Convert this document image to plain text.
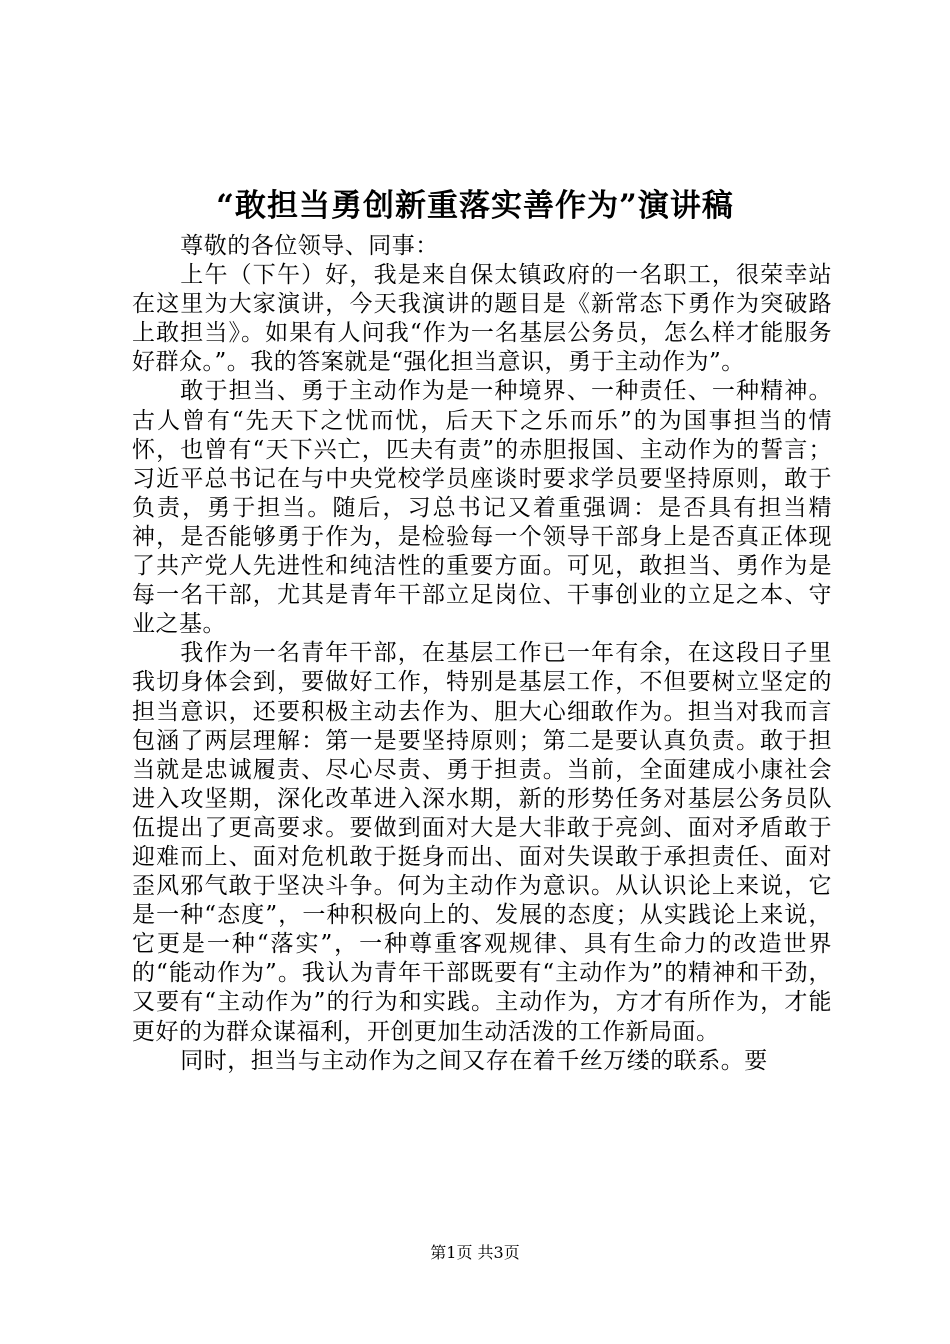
“敢担当勇创新重落实善作为”演讲稿

尊敬的各位领导、同事：

上午（下午）好，我是来自保太镇政府的一名职工，很荣幸站在这里为大家演讲，今天我演讲的题目是《新常态下勇作为突破路上敢担当》。如果有人问我“作为一名基层公务员，怎么样才能服务好群众。”。我的答案就是“强化担当意识，勇于主动作为”。

敢于担当、勇于主动作为是一种境界、一种责任、一种精神。古人曾有“先天下之忧而忧，后天下之乐而乐”的为国事担当的情怀，也曾有“天下兴亡，匹夫有责”的赤胆报国、主动作为的誓言；习近平总书记在与中央党校学员座谈时要求学员要坚持原则，敢于负责，勇于担当。随后，习总书记又着重强调：是否具有担当精神，是否能够勇于作为，是检验每一个领导干部身上是否真正体现了共产党人先进性和纯洁性的重要方面。可见，敢担当、勇作为是每一名干部，尤其是青年干部立足岗位、干事创业的立足之本、守业之基。

我作为一名青年干部，在基层工作已一年有余，在这段日子里我切身体会到，要做好工作，特别是基层工作，不但要树立坚定的担当意识，还要积极主动去作为、胆大心细敢作为。担当对我而言包涵了两层理解：第一是要坚持原则；第二是要认真负责。敢于担当就是忠诚履责、尽心尽责、勇于担责。当前，全面建成小康社会进入攻坚期，深化改革进入深水期，新的形势任务对基层公务员队伍提出了更高要求。要做到面对大是大非敢于亮剑、面对矛盾敢于迎难而上、面对危机敢于挺身而出、面对失误敢于承担责任、面对歪风邪气敢于坚决斗争。何为主动作为意识。从认识论上来说，它是一种“态度”，一种积极向上的、发展的态度；从实践论上来说，它更是一种“落实”，一种尊重客观规律、具有生命力的改造世界的“能动作为”。我认为青年干部既要有“主动作为”的精神和干劲，又要有“主动作为”的行为和实践。主动作为，方才有所作为，才能更好的为群众谋福利，开创更加生动活泼的工作新局面。

同时，担当与主动作为之间又存在着千丝万缕的联系。要

第1页 共3页
